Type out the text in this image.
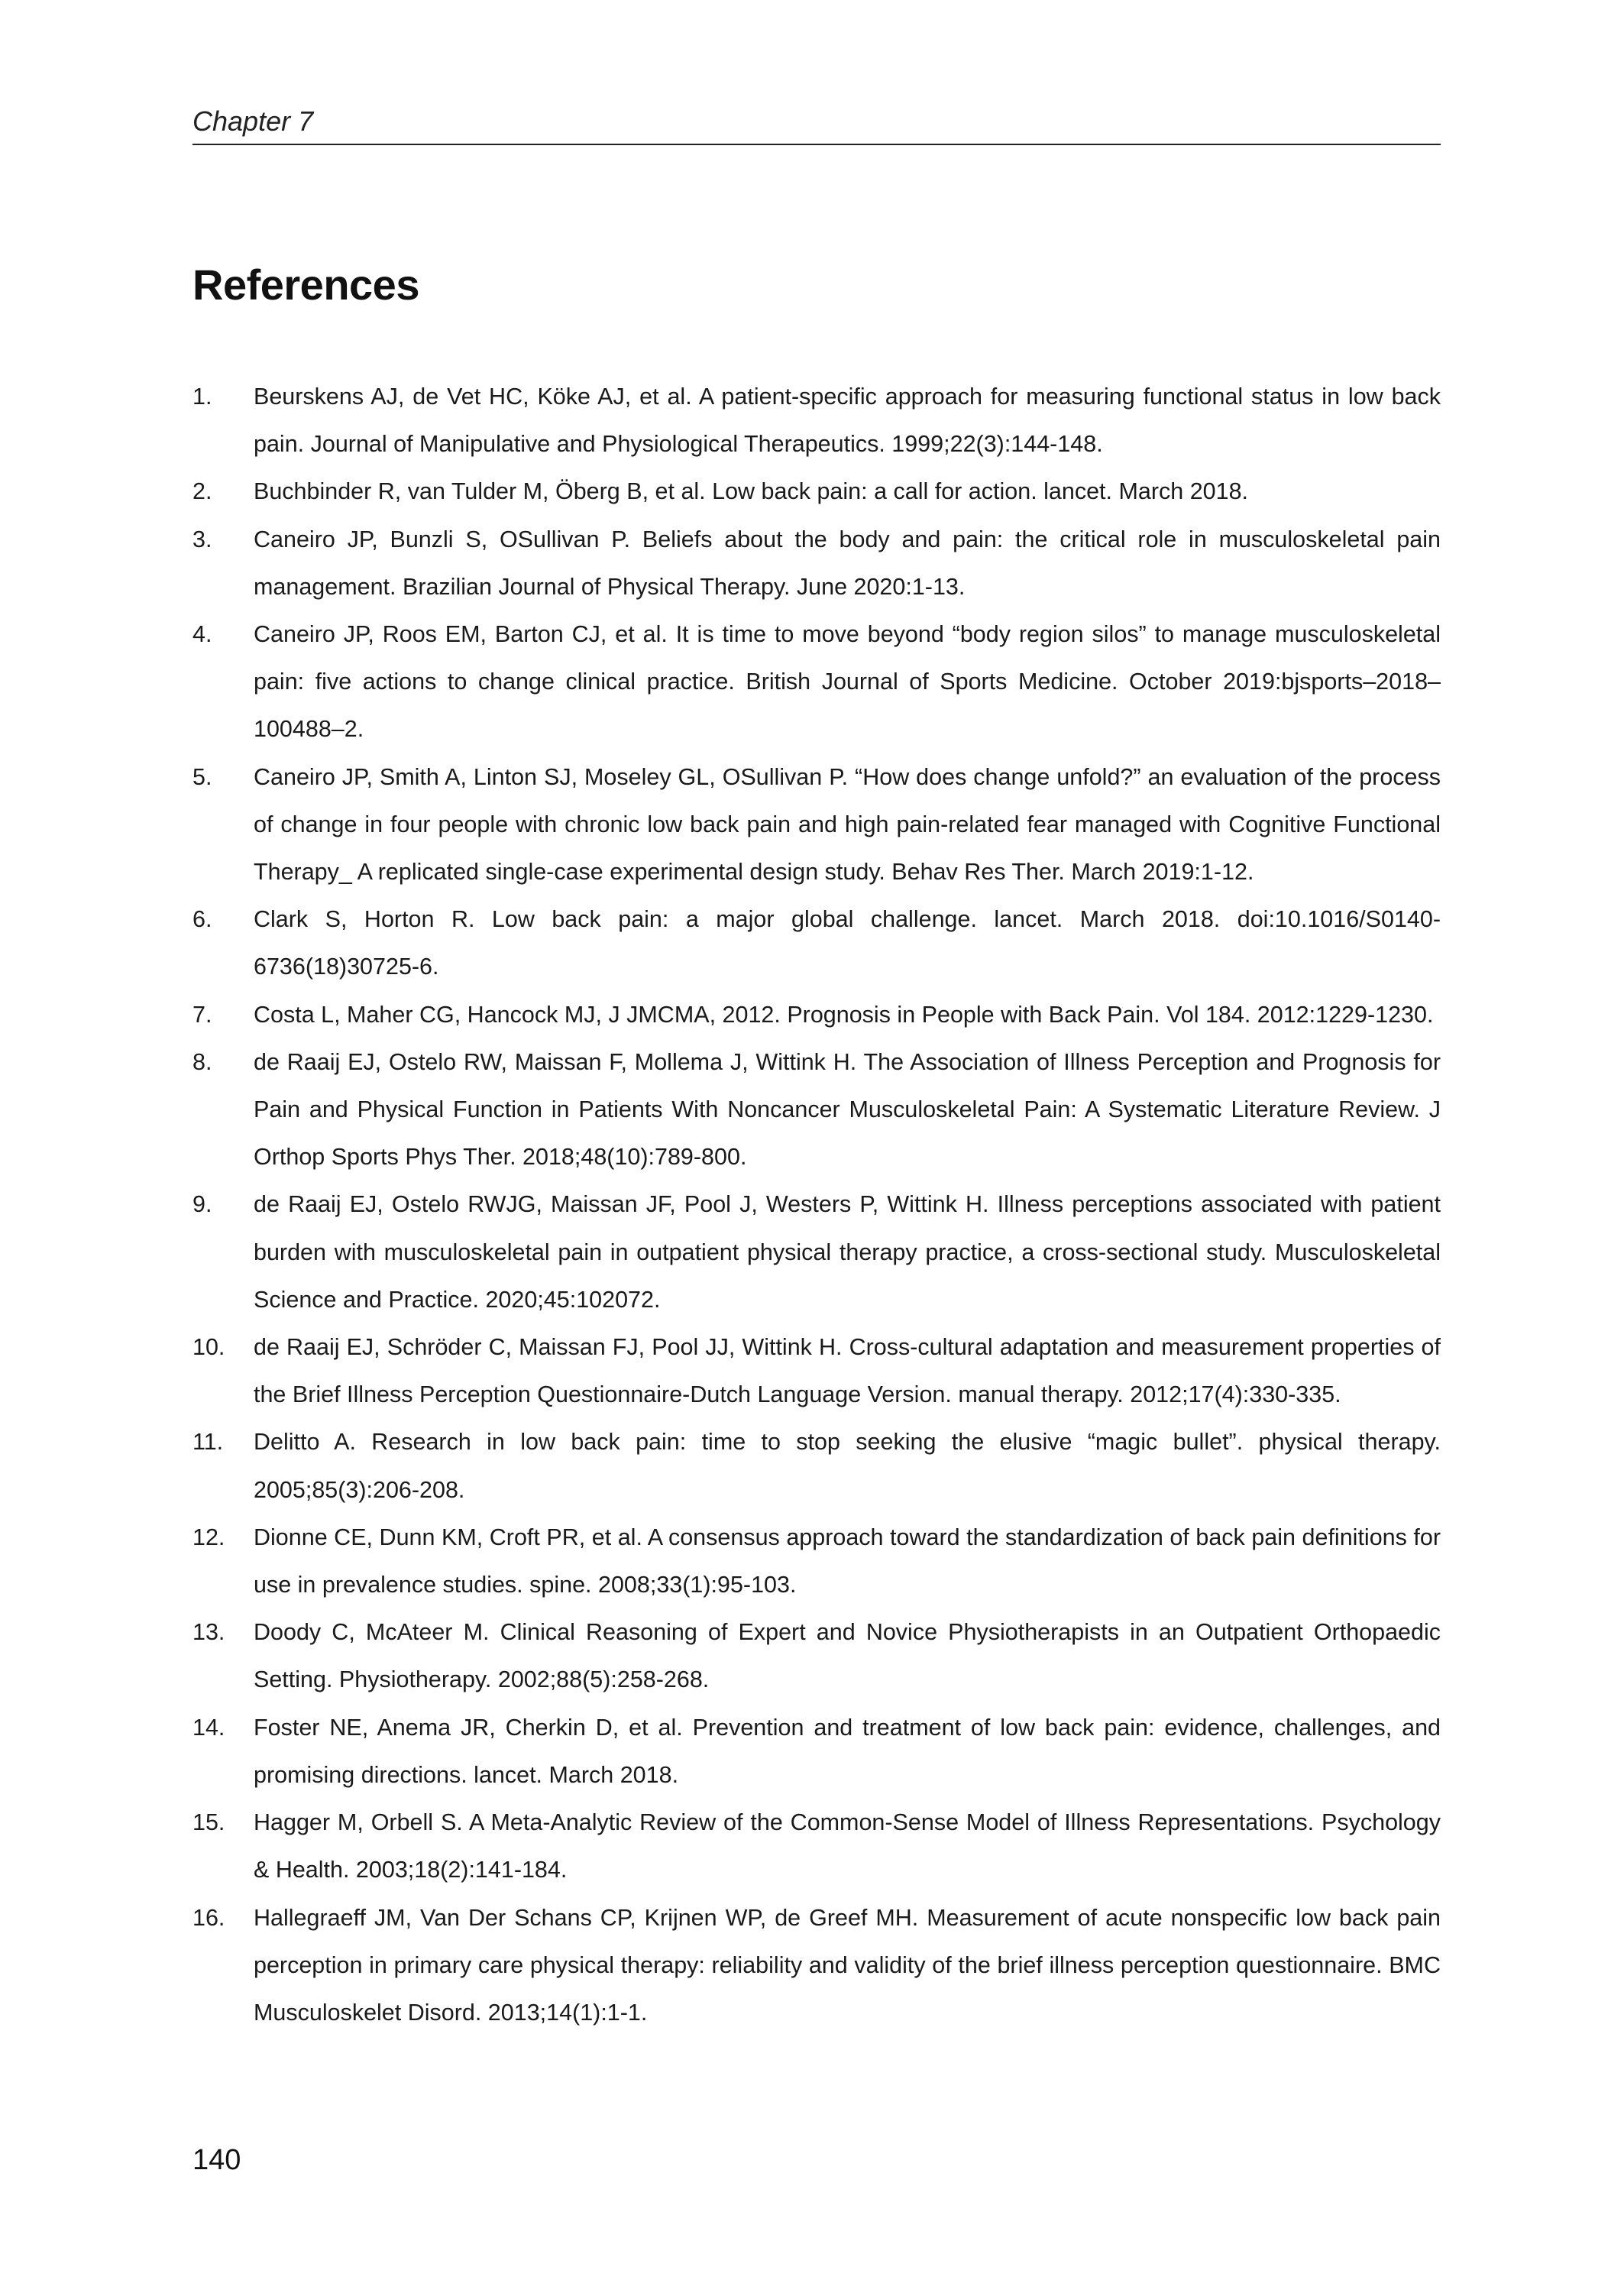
Chapter 7
References
1. Beurskens AJ, de Vet HC, Köke AJ, et al. A patient-specific approach for measuring functional status in low back pain. Journal of Manipulative and Physiological Therapeutics. 1999;22(3):144-148.
2. Buchbinder R, van Tulder M, Öberg B, et al. Low back pain: a call for action. lancet. March 2018.
3. Caneiro JP, Bunzli S, OSullivan P. Beliefs about the body and pain: the critical role in musculoskeletal pain management. Brazilian Journal of Physical Therapy. June 2020:1-13.
4. Caneiro JP, Roos EM, Barton CJ, et al. It is time to move beyond “body region silos” to manage musculoskeletal pain: five actions to change clinical practice. British Journal of Sports Medicine. October 2019:bjsports–2018–100488–2.
5. Caneiro JP, Smith A, Linton SJ, Moseley GL, OSullivan P. “How does change unfold?” an evaluation of the process of change in four people with chronic low back pain and high pain-related fear managed with Cognitive Functional Therapy_ A replicated single-case experimental design study. Behav Res Ther. March 2019:1-12.
6. Clark S, Horton R. Low back pain: a major global challenge. lancet. March 2018. doi:10.1016/S0140-6736(18)30725-6.
7. Costa L, Maher CG, Hancock MJ, J JMCMA, 2012. Prognosis in People with Back Pain. Vol 184. 2012:1229-1230.
8. de Raaij EJ, Ostelo RW, Maissan F, Mollema J, Wittink H. The Association of Illness Perception and Prognosis for Pain and Physical Function in Patients With Noncancer Musculoskeletal Pain: A Systematic Literature Review. J Orthop Sports Phys Ther. 2018;48(10):789-800.
9. de Raaij EJ, Ostelo RWJG, Maissan JF, Pool J, Westers P, Wittink H. Illness perceptions associated with patient burden with musculoskeletal pain in outpatient physical therapy practice, a cross-sectional study. Musculoskeletal Science and Practice. 2020;45:102072.
10. de Raaij EJ, Schröder C, Maissan FJ, Pool JJ, Wittink H. Cross-cultural adaptation and measurement properties of the Brief Illness Perception Questionnaire-Dutch Language Version. manual therapy. 2012;17(4):330-335.
11. Delitto A. Research in low back pain: time to stop seeking the elusive “magic bullet”. physical therapy. 2005;85(3):206-208.
12. Dionne CE, Dunn KM, Croft PR, et al. A consensus approach toward the standardization of back pain definitions for use in prevalence studies. spine. 2008;33(1):95-103.
13. Doody C, McAteer M. Clinical Reasoning of Expert and Novice Physiotherapists in an Outpatient Orthopaedic Setting. Physiotherapy. 2002;88(5):258-268.
14. Foster NE, Anema JR, Cherkin D, et al. Prevention and treatment of low back pain: evidence, challenges, and promising directions. lancet. March 2018.
15. Hagger M, Orbell S. A Meta-Analytic Review of the Common-Sense Model of Illness Representations. Psychology & Health. 2003;18(2):141-184.
16. Hallegraeff JM, Van Der Schans CP, Krijnen WP, de Greef MH. Measurement of acute nonspecific low back pain perception in primary care physical therapy: reliability and validity of the brief illness perception questionnaire. BMC Musculoskelet Disord. 2013;14(1):1-1.
140
